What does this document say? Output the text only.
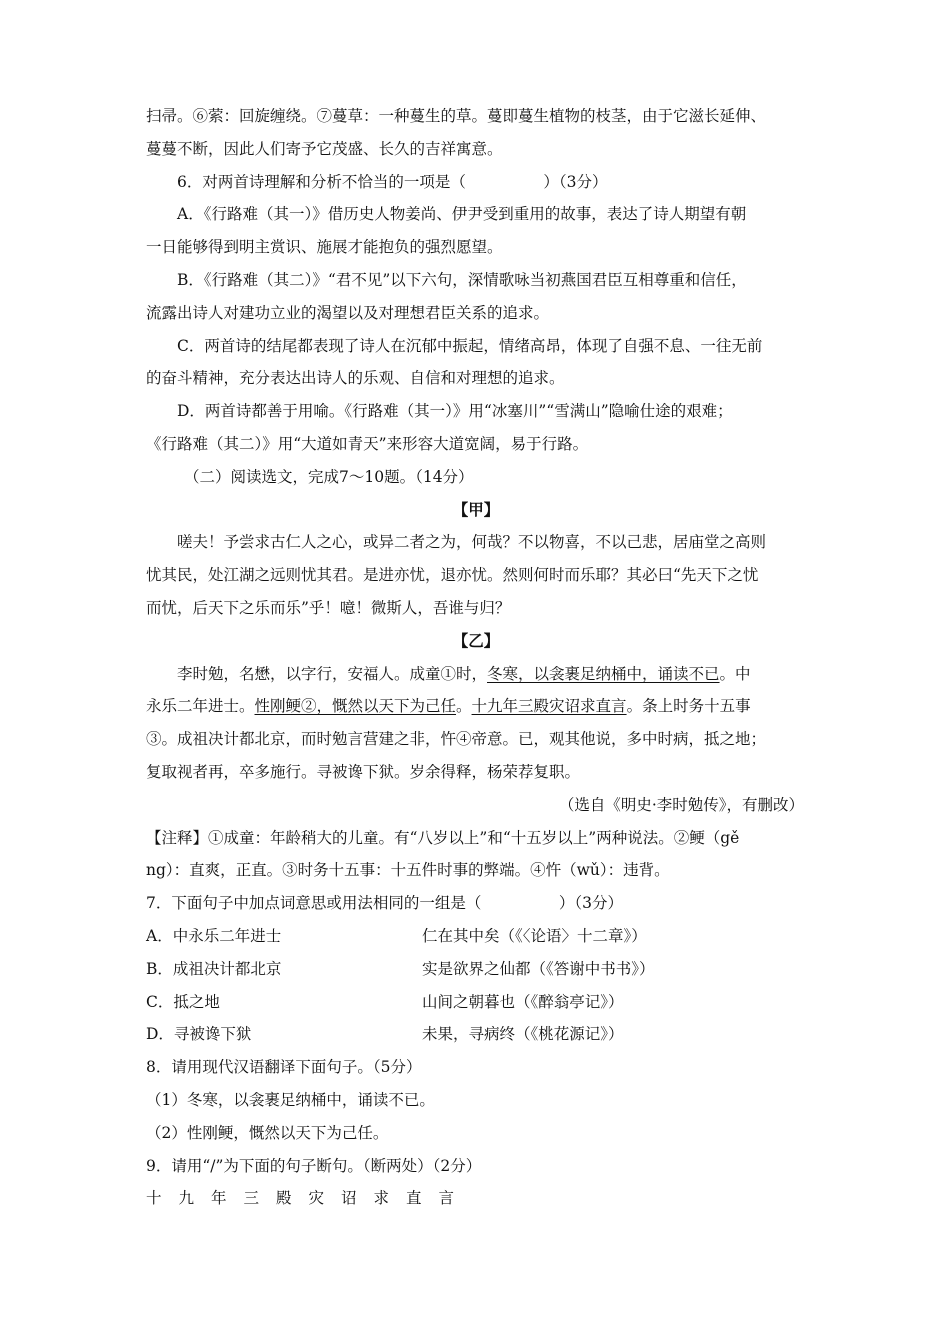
扫帚。⑥萦：回旋缠绕。⑦蔓草：一种蔓生的草。蔓即蔓生植物的枝茎，由于它滋长延伸、
蔓蔓不断，因此人们寄予它茂盛、长久的吉祥寓意。
6．对两首诗理解和分析不恰当的一项是（　　　　　）（3分）
A．《行路难（其一）》借历史人物姜尚、伊尹受到重用的故事，表达了诗人期望有朝
一日能够得到明主赏识、施展才能抱负的强烈愿望。
B．《行路难（其二）》“君不见”以下六句，深情歌咏当初燕国君臣互相尊重和信任，
流露出诗人对建功立业的渴望以及对理想君臣关系的追求。
C．两首诗的结尾都表现了诗人在沉郁中振起，情绪高昂，体现了自强不息、一往无前
的奋斗精神，充分表达出诗人的乐观、自信和对理想的追求。
D．两首诗都善于用喻。《行路难（其一）》用“冰塞川”“雪满山”隐喻仕途的艰难；
《行路难（其二）》用“大道如青天”来形容大道宽阔，易于行路。
（二）阅读选文，完成7～10题。（14分）
【甲】
嗟夫！予尝求古仁人之心，或异二者之为，何哉？不以物喜，不以己悲，居庙堂之高则
忧其民，处江湖之远则忧其君。是进亦忧，退亦忧。然则何时而乐耶？其必曰“先天下之忧
而忧，后天下之乐而乐”乎！噫！微斯人，吾谁与归？
【乙】
李时勉，名懋，以字行，安福人。成童①时，冬寒，以衾裹足纳桶中，诵读不已。中
永乐二年进士。性刚鲠②，慨然以天下为己任。十九年三殿灾诏求直言。条上时务十五事
③。成祖决计都北京，而时勉言营建之非，忤④帝意。已，观其他说，多中时病，抵之地；
复取视者再，卒多施行。寻被谗下狱。岁余得释，杨荣荐复职。
（选自《明史·李时勉传》，有删改）
【注释】①成童：年龄稍大的儿童。有“八岁以上”和“十五岁以上”两种说法。②鲠（gě
ng）：直爽，正直。③时务十五事：十五件时事的弊端。④忤（wǔ）：违背。
7．下面句子中加点词意思或用法相同的一组是（　　　　　）（3分）
A．中永乐二年进士	仁在其中矣（《〈论语〉十二章》）
B．成祖决计都北京	实是欲界之仙都（《答谢中书书》）
C．抵之地	山间之朝暮也（《醉翁亭记》）
D．寻被谗下狱	未果，寻病终（《桃花源记》）
8．请用现代汉语翻译下面句子。（5分）
（1）冬寒，以衾裹足纳桶中，诵读不已。
（2）性刚鲠，慨然以天下为己任。
9．请用“/”为下面的句子断句。（断两处）（2分）
十 九 年 三 殿 灾 诏 求 直 言
